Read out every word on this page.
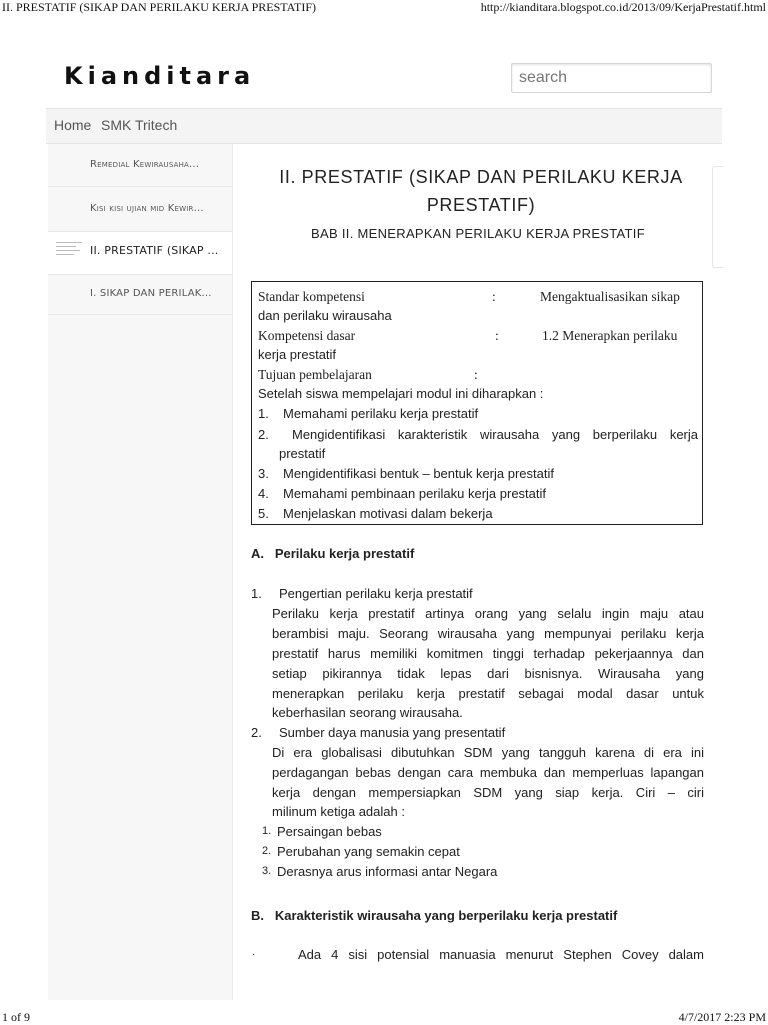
II. PRESTATIF (SIKAP DAN PERILAKU KERJA PRESTATIF)	http://kianditara.blogspot.co.id/2013/09/KerjaPrestatif.html
1 of 9	4/7/2017 2:23 PM
Kianditara
search
Home SMK Tritech
Remedial Kewirausaha...
Kisi kisi ujian mid Kewir...
II. PRESTATIF (SIKAP ...
I. SIKAP DAN PERILAK...
II. PRESTATIF (SIKAP DAN PERILAKU KERJA
PRESTATIF)
BAB II. MENERAPKAN PERILAKU KERJA PRESTATIF
Standar kompetensi	:	Mengaktualisasikan sikap
dan perilaku wirausaha
Kompetensi dasar	:	1.2 Menerapkan perilaku
kerja prestatif
Tujuan pembelajaran	:
Setelah siswa mempelajari modul ini diharapkan :
1. Memahami perilaku kerja prestatif
2. Mengidentifikasi karakteristik wirausaha yang berperilaku kerja
prestatif
3. Mengidentifikasi bentuk – bentuk kerja prestatif
4. Memahami pembinaan perilaku kerja prestatif
5. Menjelaskan motivasi dalam bekerja
A.   Perilaku kerja prestatif
1. Pengertian perilaku kerja prestatif
Perilaku kerja prestatif artinya orang yang selalu ingin maju atau
berambisi maju. Seorang wirausaha yang mempunyai perilaku kerja
prestatif harus memiliki komitmen tinggi terhadap pekerjaannya dan
setiap pikirannya tidak lepas dari bisnisnya. Wirausaha yang
menerapkan perilaku kerja prestatif sebagai modal dasar untuk
keberhasilan seorang wirausaha.
2. Sumber daya manusia yang presentatif
Di era globalisasi dibutuhkan SDM yang tangguh karena di era ini
perdagangan bebas dengan cara membuka dan memperluas lapangan
kerja dengan mempersiapkan SDM yang siap kerja. Ciri – ciri
milinum ketiga adalah :
1. Persaingan bebas
2. Perubahan yang semakin cepat
3. Derasnya arus informasi antar Negara
B.   Karakteristik wirausaha yang berperilaku kerja prestatif
·	Ada 4 sisi potensial manuasia menurut Stephen Covey dalam
